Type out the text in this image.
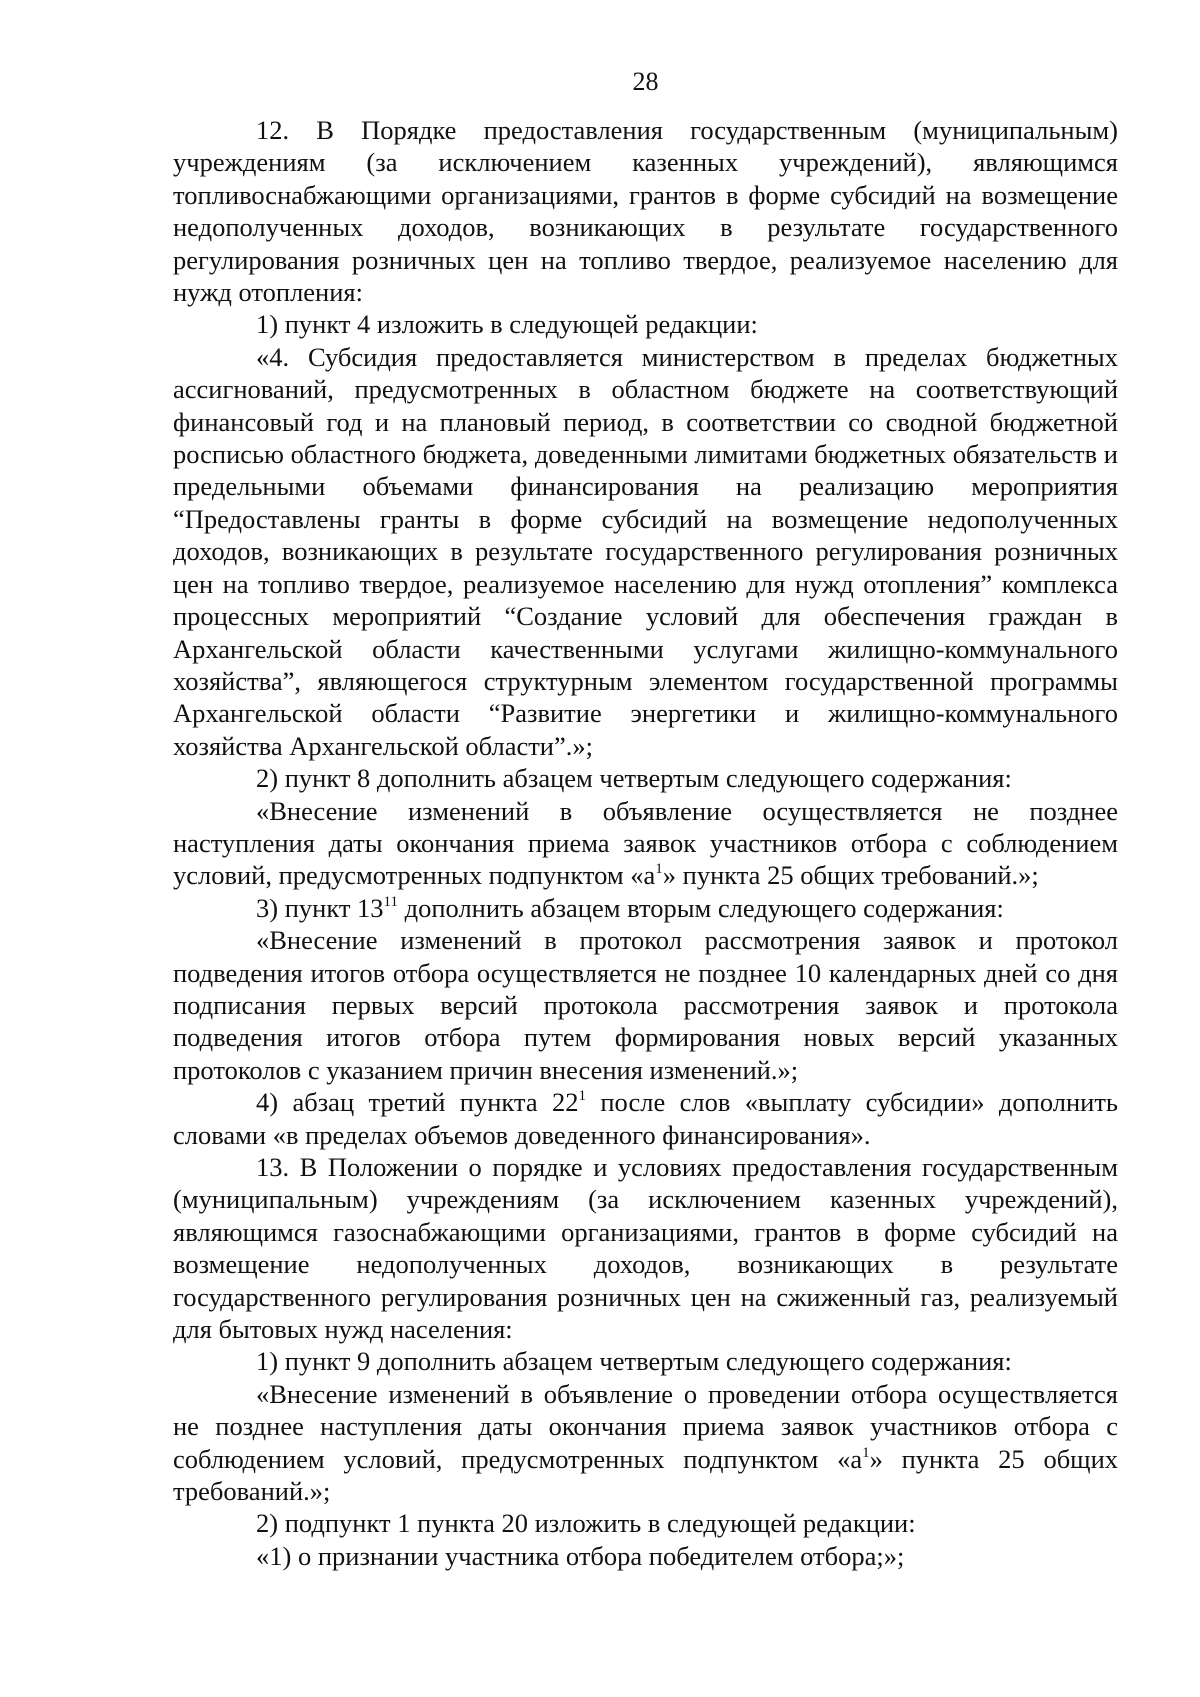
28

12. В Порядке предоставления государственным (муниципальным) учреждениям (за исключением казенных учреждений), являющимся топливоснабжающими организациями, грантов в форме субсидий на возмещение недополученных доходов, возникающих в результате государственного регулирования розничных цен на топливо твердое, реализуемое населению для нужд отопления:

1) пункт 4 изложить в следующей редакции:

«4. Субсидия предоставляется министерством в пределах бюджетных ассигнований, предусмотренных в областном бюджете на соответствующий финансовый год и на плановый период, в соответствии со сводной бюджетной росписью областного бюджета, доведенными лимитами бюджетных обязательств и предельными объемами финансирования на реализацию мероприятия “Предоставлены гранты в форме субсидий на возмещение недополученных доходов, возникающих в результате государственного регулирования розничных цен на топливо твердое, реализуемое населению для нужд отопления” комплекса процессных мероприятий “Создание условий для обеспечения граждан в Архангельской области качественными услугами жилищно-коммунального хозяйства”, являющегося структурным элементом государственной программы Архангельской области “Развитие энергетики и жилищно-коммунального хозяйства Архангельской области”.»;

2) пункт 8 дополнить абзацем четвертым следующего содержания:

«Внесение изменений в объявление осуществляется не позднее наступления даты окончания приема заявок участников отбора с соблюдением условий, предусмотренных подпунктом «$а^1$» пункта 25 общих требований.»;

3) пункт $13^{11}$ дополнить абзацем вторым следующего содержания:

«Внесение изменений в протокол рассмотрения заявок и протокол подведения итогов отбора осуществляется не позднее 10 календарных дней со дня подписания первых версий протокола рассмотрения заявок и протокола подведения итогов отбора путем формирования новых версий указанных протоколов с указанием причин внесения изменений.»;

4) абзац третий пункта $22^1$ после слов «выплату субсидии» дополнить словами «в пределах объемов доведенного финансирования».

13. В Положении о порядке и условиях предоставления государственным (муниципальным) учреждениям (за исключением казенных учреждений), являющимся газоснабжающими организациями, грантов в форме субсидий на возмещение недополученных доходов, возникающих в результате государственного регулирования розничных цен на сжиженный газ, реализуемый для бытовых нужд населения:

1) пункт 9 дополнить абзацем четвертым следующего содержания:

«Внесение изменений в объявление о проведении отбора осуществляется не позднее наступления даты окончания приема заявок участников отбора с соблюдением условий, предусмотренных подпунктом «$а^1$» пункта 25 общих требований.»;

2) подпункт 1 пункта 20 изложить в следующей редакции:

«1) о признании участника отбора победителем отбора;»;
